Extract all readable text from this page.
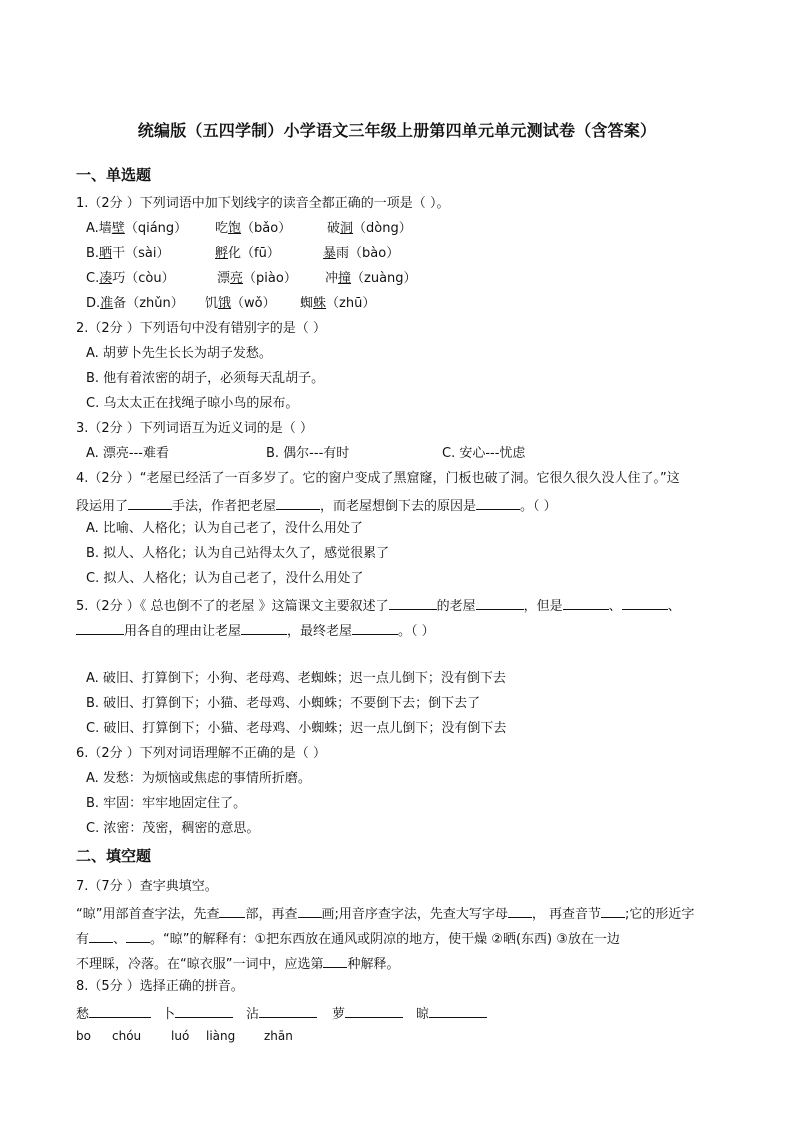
统编版（五四学制）小学语文三年级上册第四单元单元测试卷（含答案）
一、单选题
1.（2分 ）下列词语中加下划线字的读音全都正确的一项是（ ）。
A.墙壁（qiáng） 吃饱（bǎo）	破洞（dòng）
B.晒干（sài）	孵化（fū）	暴雨（bào）
C.凑巧（còu）	漂亮（piào） 冲撞（zuàng）
D.准备（zhǔn） 饥饿（wǒ） 蜘蛛（zhū）
2.（2分 ）下列语句中没有错别字的是（ ）
A. 胡萝卜先生长长为胡子发愁。
B. 他有着浓密的胡子，必须每天乱胡子。
C. 乌太太正在找绳子晾小鸟的尿布。
3.（2分 ）下列词语互为近义词的是（ ）
A. 漂亮---难看	B. 偶尔---有时	C. 安心---忧虑
4.（2分 ）“老屋已经活了一百多岁了。它的窗户变成了黑窟窿，门板也破了洞。它很久很久没人住了。”这
段运用了	手法，作者把老屋	，而老屋想倒下去的原因是	。（ ）
A. 比喻、人格化；认为自己老了，没什么用处了
B. 拟人、人格化；认为自己站得太久了，感觉很累了
C. 拟人、人格化；认为自己老了，没什么用处了
5.（2分 ）《 总也倒不了的老屋 》这篇课文主要叙述了	的老屋	，但是	、	、
用各自的理由让老屋	，最终老屋	。（ ）
A. 破旧、打算倒下；小狗、老母鸡、老蜘蛛；迟一点儿倒下；没有倒下去
B. 破旧、打算倒下；小猫、老母鸡、小蜘蛛；不要倒下去；倒下去了
C. 破旧、打算倒下；小猫、老母鸡、小蜘蛛；迟一点儿倒下；没有倒下去
6.（2分 ）下列对词语理解不正确的是（ ）
A. 发愁：为烦恼或焦虑的事情所折磨。
B. 牢固：牢牢地固定住了。
C. 浓密：茂密，稠密的意思。
二、填空题
7.（7分 ）查字典填空。
“晾”用部首查字法，先查 部，再查 画;用音序查字法，先查大写字母 ， 再查音节 ;它的形近字
有 、 。“晾”的解释有：①把东西放在通风或阴凉的地方，使干燥 ②晒(东西) ③放在一边
不理睬，冷落。在“晾衣服”一词中，应选第 种解释。
8.（5分 ）选择正确的拼音。
愁	卜	沾	萝	晾
bo chóu luó liàng zhān
